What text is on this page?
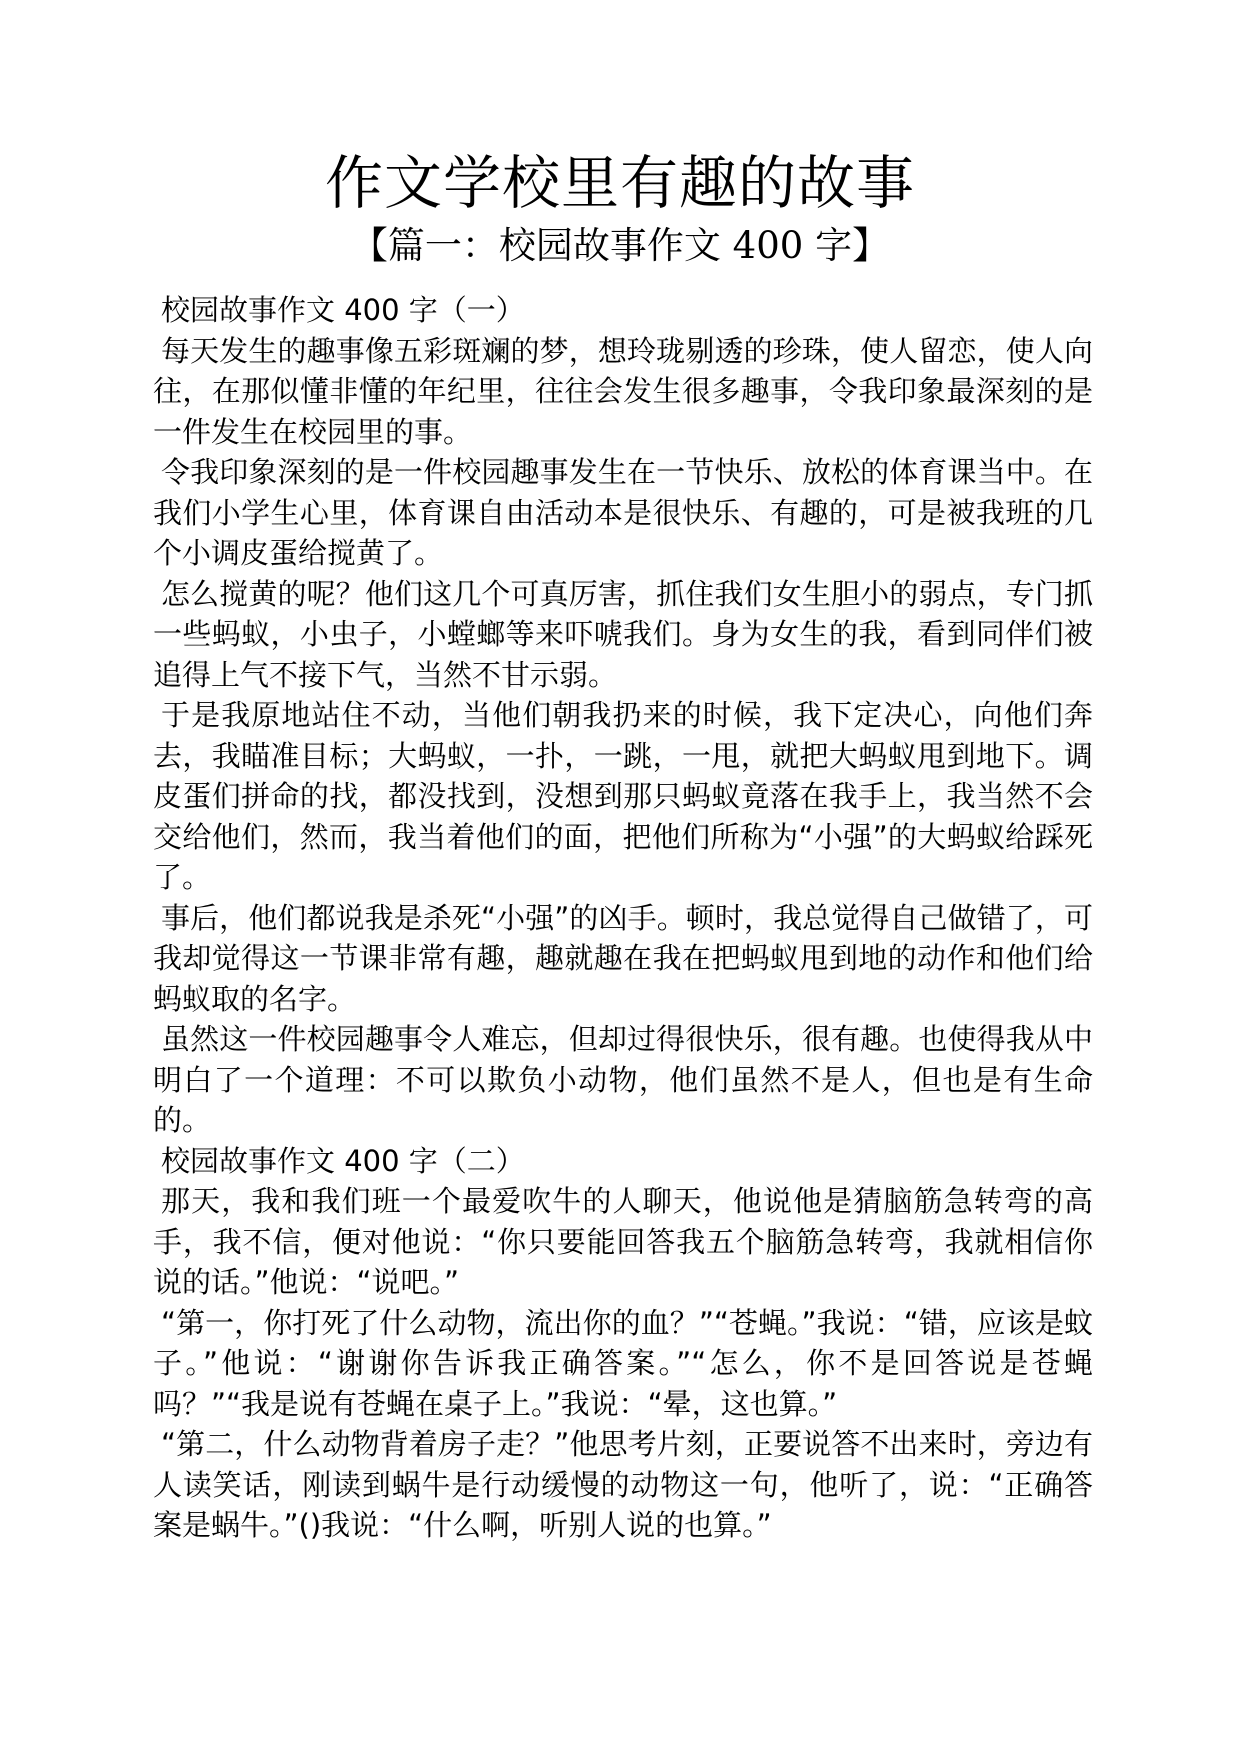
作文学校里有趣的故事
【篇一：校园故事作文 400 字】

校园故事作文 400 字（一）

每天发生的趣事像五彩斑斓的梦，想玲珑剔透的珍珠，使人留恋，使人向往，在那似懂非懂的年纪里，往往会发生很多趣事，令我印象最深刻的是一件发生在校园里的事。

令我印象深刻的是一件校园趣事发生在一节快乐、放松的体育课当中。在我们小学生心里，体育课自由活动本是很快乐、有趣的，可是被我班的几个小调皮蛋给搅黄了。

怎么搅黄的呢？他们这几个可真厉害，抓住我们女生胆小的弱点，专门抓一些蚂蚁，小虫子，小螳螂等来吓唬我们。身为女生的我，看到同伴们被追得上气不接下气，当然不甘示弱。

于是我原地站住不动，当他们朝我扔来的时候，我下定决心，向他们奔去，我瞄准目标；大蚂蚁，一扑，一跳，一甩，就把大蚂蚁甩到地下。调皮蛋们拼命的找，都没找到，没想到那只蚂蚁竟落在我手上，我当然不会交给他们，然而，我当着他们的面，把他们所称为“小强”的大蚂蚁给踩死了。

事后，他们都说我是杀死“小强”的凶手。顿时，我总觉得自己做错了，可我却觉得这一节课非常有趣，趣就趣在我在把蚂蚁甩到地的动作和他们给蚂蚁取的名字。

虽然这一件校园趣事令人难忘，但却过得很快乐，很有趣。也使得我从中明白了一个道理：不可以欺负小动物，他们虽然不是人，但也是有生命的。

校园故事作文 400 字（二）

那天，我和我们班一个最爱吹牛的人聊天，他说他是猜脑筋急转弯的高手，我不信，便对他说：“你只要能回答我五个脑筋急转弯，我就相信你说的话。”他说：“说吧。”

“第一，你打死了什么动物，流出你的血？”“苍蝇。”我说：“错，应该是蚊子。”他说：“谢谢你告诉我正确答案。”“怎么，你不是回答说是苍蝇吗？”“我是说有苍蝇在桌子上。”我说：“晕，这也算。”

“第二，什么动物背着房子走？”他思考片刻，正要说答不出来时，旁边有人读笑话，刚读到蜗牛是行动缓慢的动物这一句，他听了，说：“正确答案是蜗牛。”()我说：“什么啊，听别人说的也算。”
